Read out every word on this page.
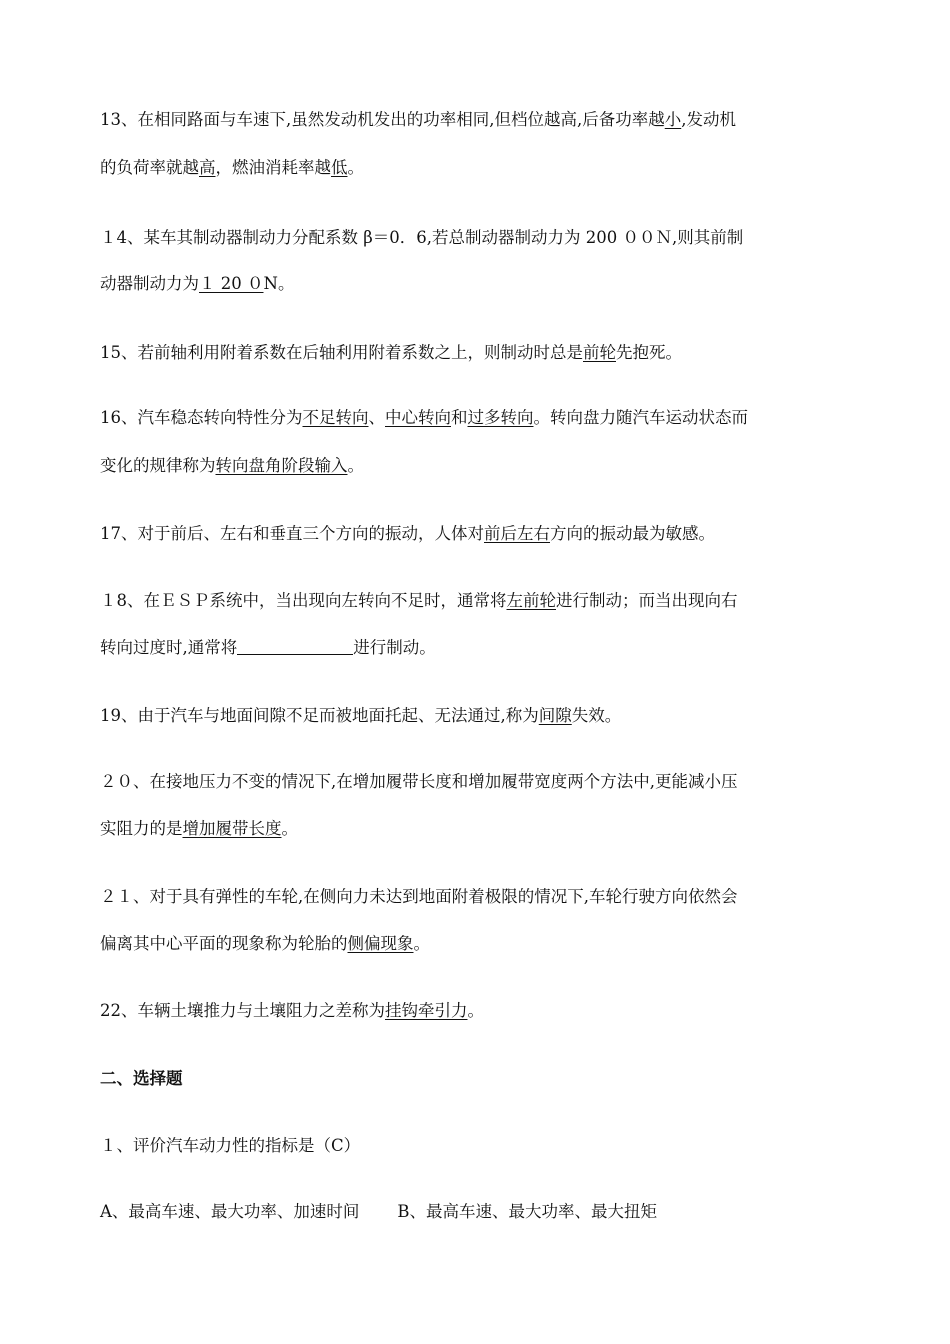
13、在相同路面与车速下,虽然发动机发出的功率相同,但档位越高,后备功率越小,发动机
的负荷率就越高，燃油消耗率越低。
１4、某车其制动器制动力分配系数 β＝0．6,若总制动器制动力为 200 ００Ｎ,则其前制
动器制动力为１ 20 ０N。
15、若前轴利用附着系数在后轴利用附着系数之上，则制动时总是前轮先抱死。
16、汽车稳态转向特性分为不足转向、中心转向和过多转向。转向盘力随汽车运动状态而
变化的规律称为转向盘角阶段输入。
17、对于前后、左右和垂直三个方向的振动，人体对前后左右方向的振动最为敏感。
１8、在ＥＳＰ系统中，当出现向左转向不足时，通常将左前轮进行制动；而当出现向右
转向过度时,通常将	进行制动。
19、由于汽车与地面间隙不足而被地面托起、无法通过,称为间隙失效。
２０、在接地压力不变的情况下,在增加履带长度和增加履带宽度两个方法中,更能减小压
实阻力的是增加履带长度。
２１、对于具有弹性的车轮,在侧向力未达到地面附着极限的情况下,车轮行驶方向依然会
偏离其中心平面的现象称为轮胎的侧偏现象。
22、车辆土壤推力与土壤阻力之差称为挂钩牵引力。
二、选择题
１、评价汽车动力性的指标是（C）
A、最高车速、最大功率、加速时间 B、最高车速、最大功率、最大扭矩
